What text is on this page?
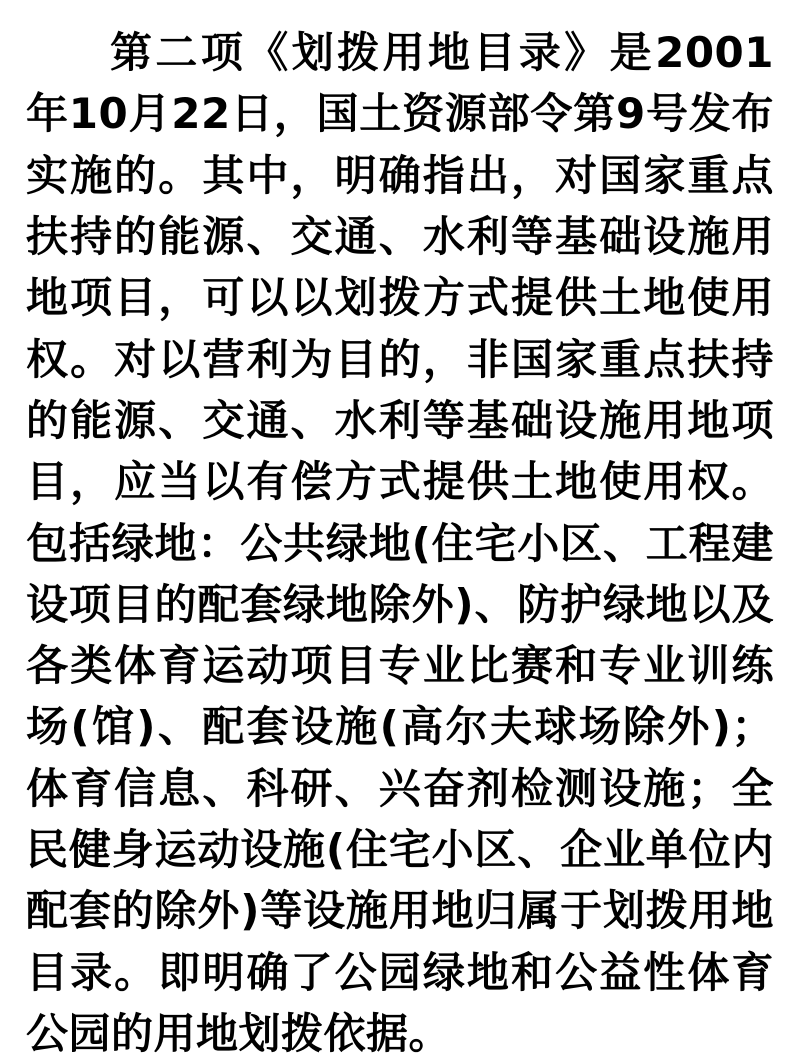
第二项《划拨用地目录》是2001年10月22日，国土资源部令第9号发布实施的。其中，明确指出，对国家重点扶持的能源、交通、水利等基础设施用地项目，可以以划拨方式提供土地使用权。对以营利为目的，非国家重点扶持的能源、交通、水利等基础设施用地项目，应当以有偿方式提供土地使用权。包括绿地：公共绿地(住宅小区、工程建设项目的配套绿地除外)、防护绿地以及各类体育运动项目专业比赛和专业训练场(馆)、配套设施(高尔夫球场除外)；体育信息、科研、兴奋剂检测设施；全民健身运动设施(住宅小区、企业单位内配套的除外)等设施用地归属于划拨用地目录。即明确了公园绿地和公益性体育公园的用地划拨依据。
